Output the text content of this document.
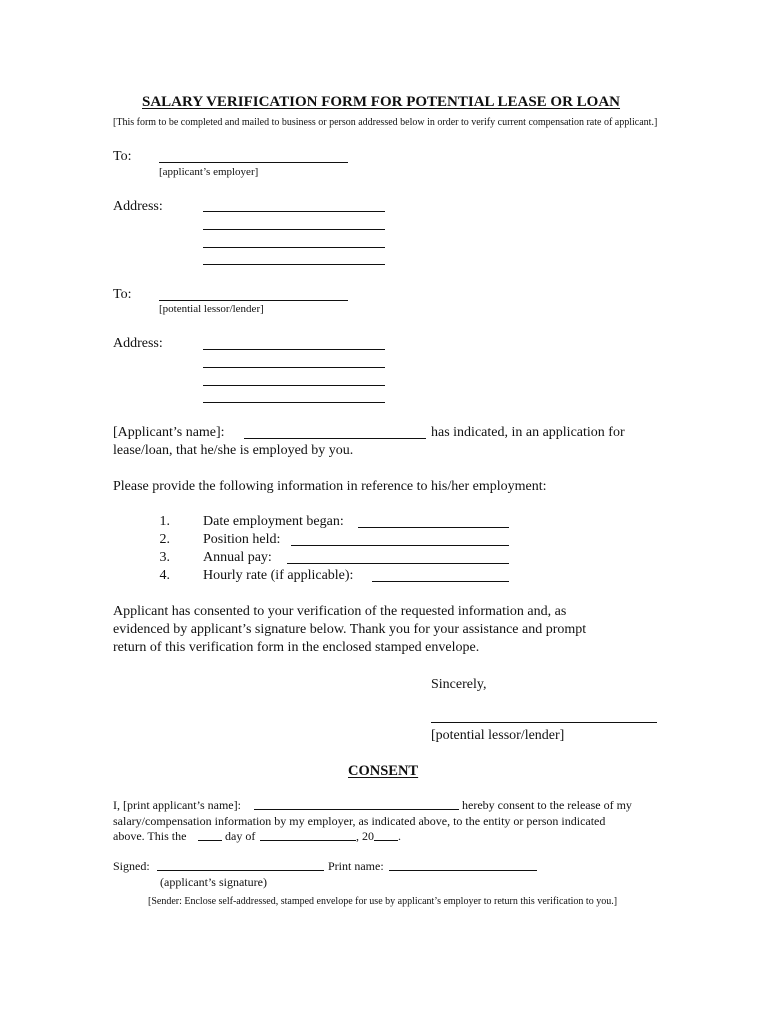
SALARY VERIFICATION FORM FOR POTENTIAL LEASE OR LOAN
[This form to be completed and mailed to business or person addressed below in order to verify current compensation rate of applicant.]
To:
[applicant’s employer]
Address:
To:
[potential lessor/lender]
Address:
[Applicant’s name]:	has indicated, in an application for
lease/loan, that he/she is employed by you.
Please provide the following information in reference to his/her employment:
1. Date employment began:
2. Position held:
3. Annual pay:
4. Hourly rate (if applicable):
Applicant has consented to your verification of the requested information and, as
evidenced by applicant’s signature below. Thank you for your assistance and prompt
return of this verification form in the enclosed stamped envelope.
Sincerely,
[potential lessor/lender]
CONSENT
I, [print applicant’s name]:	hereby consent to the release of my
salary/compensation information by my employer, as indicated above, to the entity or person indicated
above. This the	day of	, 20 .
Signed:	Print name:
(applicant’s signature)
[Sender: Enclose self-addressed, stamped envelope for use by applicant’s employer to return this verification to you.]
